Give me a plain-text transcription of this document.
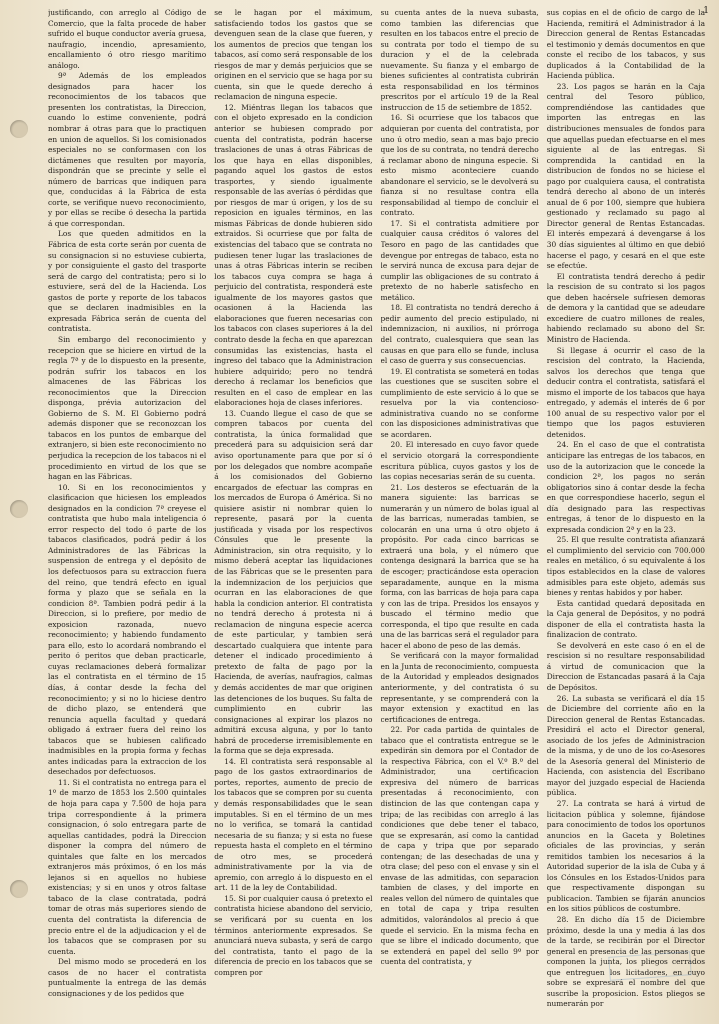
1

justificando, con arreglo al Código de Comercio, que la falta procede de haber sufrido el buque conductor avería gruesa, naufragio, incendio, apresamiento, encallamiento ó otro riesgo marítimo análogo.

9ª Además de los empleados designados para hacer los reconocimientos de los tabacos que presenten los contratistas, la Direccion, cuando lo estime conveniente, podrá nombrar á otras para que lo practiquen en union de aquellos. Si los comisionados especiales no se conformasen con los dictámenes que resulten por mayoría, dispondrán que se precinte y selle el número de barricas que indiquen para que, conducidas á la Fábrica de esta corte, se verifique nuevo reconocimiento, y por ellas se recibe ó desecha la partida á que correspondan.

Los que queden admitidos en la Fábrica de esta corte serán por cuenta de su consignacion si no estuviese cubierta, y por consiguiente el gasto del trasporte será de cargo del contratista; pero si lo estuviere, será del de la Hacienda. Los gastos de porte y reporte de los tabacos que se declaren inadmisibles en la expresada Fábrica serán de cuenta del contratista.

Sin embargo del reconocimiento y recepcion que se hiciere en virtud de la regla 7ª y de lo dispuesto en la presente, podrán sufrir los tabacos en los almacenes de las Fábricas los reconocimientos que la Direccion disponga, prévia autorizacion del Gobierno de S. M. El Gobierno podrá además disponer que se reconozcan los tabacos en los puntos de embarque del extranjero, si bien este reconocimiento no perjudica la recepcion de los tabacos ni el procedimiento en virtud de los que se hagan en las Fábricas.

10. Si en los reconocimientos y clasificacion que hiciesen los empleados designados en la condicion 7ª creyese el contratista que hubo mala inteligencia ó error respecto del todo ó parte de los tabacos clasificados, podrá pedir á los Administradores de las Fábricas la suspension de entrega y el depósito de los defectuosos para su extraccion fuera del reino, que tendrá efecto en igual forma y plazo que se señala en la condicion 8ª. Tambien podrá pedir á la Direccion, si lo prefiere, por medio de exposicion razonada, nuevo reconocimiento; y habiendo fundamento para ello, esto lo acordará nombrando el perito ó peritos que deban practicarle, cuyas reclamaciones deberá formalizar las el contratista en el término de 15 días, á contar desde la fecha del reconocimiento; y si no lo hiciese dentro de dicho plazo, se entenderá que renuncia aquella facultad y quedará obligado á extraer fuera del reino los tabacos que se hubiesen calificado inadmisibles en la propia forma y fechas antes indicadas para la extraccion de los desechados por defectuosos.

11. Si el contratista no entrega para el 1º de marzo de 1853 los 2.500 quintales de hoja para capa y 7.500 de hoja para tripa correspondiente á la primera consignacion, ó solo entregara parte de aquellas cantidades, podrá la Direccion disponer la compra del número de quintales que falte en los mercados extranjeros más próximos, ó en los más lejanos si en aquellos no hubiese existencias; y si en unos y otros faltase tabaco de la clase contratada, podrá tomar de otras más superiores siendo de cuenta del contratista la diferencia de precio entre el de la adjudicacion y el de los tabacos que se comprasen por su cuenta.

Del mismo modo se procederá en los casos de no hacer el contratista puntualmente la entrega de las demás consignaciones y de los pedidos que

se le hagan por el máximum, satisfaciendo todos los gastos que se devenguen sean de la clase que fueren, y los aumentos de precios que tengan los tabacos, así como será responsable de los riesgos de mar y demás perjuicios que se originen en el servicio que se haga por su cuenta, sin que le quede derecho á reclamacion de ninguna especie.

12. Miéntras llegan los tabacos que con el objeto expresado en la condicion anterior se hubiesen comprado por cuenta del contratista, podrán hacerse traslaciones de unas á otras Fábricas de los que haya en ellas disponibles, pagando aquel los gastos de estos trasportes, y siendo igualmente responsable de las averías ó pérdidas que por riesgos de mar ú origen, y los de su reposicion en iguales términos, en las mismas Fábricas de donde hubieren sido extraidos. Si ocurriese que por falta de existencias del tabaco que se contrata no pudiesen tener lugar las traslaciones de unas á otras Fábricas interin se reciben los tabacos cuya compra se haga á perjuicio del contratista, responderá este igualmente de los mayores gastos que ocasionen á la Hacienda las elaboraciones que fueren necesarias con los tabacos con clases superiores á la del contrato desde la fecha en que aparezcan consumidas las existencias, hasta el ingreso del tabaco que la Administracion hubiere adquirido; pero no tendrá derecho á reclamar los beneficios que resulten en el caso de emplear en las elaboraciones hoja de clases inferiores.

13. Cuando llegue el caso de que se compren tabacos por cuenta del contratista, la única formalidad que precederá para su adquisicion será dar aviso oportunamente para que por sí ó por los delegados que nombre acompañe á los comisionados del Gobierno encargados de efectuar las compras en los mercados de Europa ó América. Si no quisiere asistir ni nombrar quien lo represente, pasará por la cuenta justificada y visada por los respectivos Cónsules que le presente la Administracion, sin otra requisito, y lo mismo deberá aceptar las liquidaciones de las Fábricas que se le presenten para la indemnizacion de los perjuicios que ocurran en las elaboraciones de que habla la condicion anterior. El contratista no tendrá derecho á protesta ni á reclamacion de ninguna especie acerca de este particular, y tambien será descartado cualquiera que intente para detener el indicado procedimiento á pretexto de falta de pago por la Hacienda, de averías, naufragios, calmas y demás accidentes de mar que originen las detenciones de los buques. Su falta de cumplimiento en cubrir las consignaciones al expirar los plazos no admitirá excusa alguna, y por lo tanto habrá de procederse irremisiblemente en la forma que se deja expresada.

14. El contratista será responsable al pago de los gastos extraordinarios de portes, reportes, aumento de precio de los tabacos que se compren por su cuenta y demás responsabilidades que le sean imputables. Si en el término de un mes no lo verifica, se tomará la cantidad necesaria de su fianza; y si esta no fuese repuesta hasta el completo en el término de otro mes, se procederá administrativamente por la via de apremio, con arreglo á lo dispuesto en el art. 11 de la ley de Contabilidad.

15. Si por cualquier causa ó pretexto el contratista hiciese abandono del servicio, se verificará por su cuenta en los términos anteriormente expresados. Se anunciará nueva subasta, y será de cargo del contratista, tanto el pago de la diferencia de precio en los tabacos que se compren por

su cuenta antes de la nueva subasta, como tambien las diferencias que resulten en los tabacos entre el precio de su contrata por todo el tiempo de su duracion y el de la celebrada nuevamente. Su fianza y el embargo de bienes suficientes al contratista cubrirán esta responsabilidad en los términos prescritos por el artículo 19 de la Real instruccion de 15 de setiembre de 1852.

16. Si ocurriese que los tabacos que adquieran por cuenta del contratista, por uno ú otro medio, sean a mas bajo precio que los de su contrata, no tendrá derecho á reclamar abono de ninguna especie. Si esto mismo aconteciere cuando abandonare el servicio, se le devolverá su fianza si no resultase contra ella responsabilidad al tiempo de concluir el contrato.

17. Si el contratista admitiere por cualquier causa créditos ó valores del Tesoro en pago de las cantidades que devengue por entregas de tabaco, esta no le servirá nunca de excusa para dejar de cumplir las obligaciones de su contrato á pretexto de no haberle satisfecho en metálico.

18. El contratista no tendrá derecho á pedir aumento del precio estipulado, ni indemnizacion, ni auxilios, ni prórroga del contrato, cualesquiera que sean las causas en que para ello se funde, inclusa el caso de guerra y sus consecuencias.

19. El contratista se someterá en todas las cuestiones que se susciten sobre el cumplimiento de este servicio á lo que se resuelva por la via contencioso-administrativa cuando no se conforme con las disposiciones administrativas que se acordaren.

20. El interesado en cuyo favor quede el servicio otorgará la correspondiente escritura pública, cuyos gastos y los de las copias necesarias serán de su cuenta.

21. Los desteros se efectuarán de la manera siguiente: las barricas se numerarán y un número de bolas igual al de las barricas, numeradas tambien, se colocarán en una urna ú otro objeto á propósito. Por cada cinco barricas se extraerá una bola, y el número que contenga designará la barrica que se ha de escoger; practicándose esta operacion separadamente, aunque en la misma forma, con las barricas de hoja para capa y con las de tripa. Presidos los ensayos y buscado el término medio que corresponda, el tipo que resulte en cada una de las barricas será el regulador para hacer el abono de peso de las demás.

Se verificará con la mayor formalidad en la Junta de reconocimiento, compuesta de la Autoridad y empleados designados anteriormente, y del contratista ó su representante, y se comprenderá con la mayor extension y exactitud en las certificaciones de entrega.

22. Por cada partida de quintales de tabaco que el contratista entregue se le expedirán sin demora por el Contador de la respectiva Fábrica, con el V.º B.º del Administrador, una certificacion expresiva del número de barricas presentadas á reconocimiento, con distincion de las que contengan capa y tripa; de las recibidas con arreglo á las condiciones que debe tener el tabaco, que se expresarán, así como la cantidad de capa y tripa que por separado contengan; de las desechadas de una y otra clase; del peso con el envase y sin el envase de las admitidas, con separacion tambien de clases, y del importe en reales vellon del número de quintales que en total de capa y tripa resulten admitidos, valorándolos al precio á que quede el servicio. En la misma fecha en que se libre el indicado documento, que se extenderá en papel del sello 9º por cuenta del contratista, y

sus copias en el de oficio de cargo de la Hacienda, remitirá el Administrador á la Direccion general de Rentas Estancadas el testimonio y demás documentos en que conste el recibo de los tabacos, y sus duplicados á la Contabilidad de la Hacienda pública.

23. Los pagos se harán en la Caja central del Tesoro público, comprendiéndose las cantidades que importen las entregas en las distribuciones mensuales de fondos para que aquellas puedan efectuarse en el mes siguiente al de las entregas. Si comprendida la cantidad en la distribucion de fondos no se hiciese el pago por cualquiera causa, el contratista tendrá derecho al abono de un interés anual de 6 por 100, siempre que hubiera gestionado y reclamado su pago al Director general de Rentas Estancadas. El interés empezará á devengarse á los 30 días siguientes al último en que debió hacerse el pago, y cesará en el que este se efectúe.

El contratista tendrá derecho á pedir la rescision de su contrato si los pagos que deben hacérsele sufriesen demoras de demora y la cantidad que se adeudare excediere de cuatro millones de reales, habiendo reclamado su abono del Sr. Ministro de Hacienda.

Si llegase á ocurrir el caso de la rescision del contrato, la Hacienda, salvos los derechos que tenga que deducir contra el contratista, satisfará el mismo el importe de los tabacos que haya entregado, y además el interés de 6 por 100 anual de su respectivo valor por el tiempo que los pagos estuvieren detenidos.

24. En el caso de que el contratista anticipare las entregas de los tabacos, en uso de la autorizacion que le concede la condicion 2ª, los pagos no serán obligatorios sino á contar desde la fecha en que correspondiese hacerlo, segun el día designado para las respectivas entregas, á tenor de lo dispuesto en la expresada condicion 2ª y en la 23.

25. El que resulte contratista afianzará el cumplimiento del servicio con 700.000 reales en metálico, ó su equivalente á los tipos establecidos en la clase de valores admisibles para este objeto, además sus bienes y rentas habidos y por haber.

Esta cantidad quedará depositada en la Caja general de Depósitos, y no podrá disponer de ella el contratista hasta la finalizacion de contrato.

Se devolverá en este caso ó en el de rescision si no resultare responsabilidad á virtud de comunicacion que la Direccion de Estancadas pasará á la Caja de Depósitos.

26. La subasta se verificará el día 15 de Diciembre del corriente año en la Direccion general de Rentas Estancadas. Presidirá el acto el Director general, asociado de los jefes de Administracion de la misma, y de uno de los co-Asesores de la Asesoría general del Ministerio de Hacienda, con asistencia del Escribano mayor del juzgado especial de Hacienda pública.

27. La contrata se hará á virtud de licitacion pública y solemne, fijándose para conocimiento de todos los oportunos anuncios en la Gaceta y Boletines oficiales de las provincias, y serán remitidos tambien los necesarios á la Autoridad superior de la isla de Cuba y á los Cónsules en los Estados-Unidos para que respectivamente dispongan su publicacion. Tambien se fijarán anuncios en los sitios públicos de costumbre.

28. En dicho día 15 de Diciembre próximo, desde la una y media á las dos de la tarde, se recibirán por el Director general en presencia de las personas que componen la junta, los pliegos cerrados que entreguen los licitadores, en cuyo sobre se expresará el nombre del que suscribe la proposicion. Estos pliegos se numerarán por
